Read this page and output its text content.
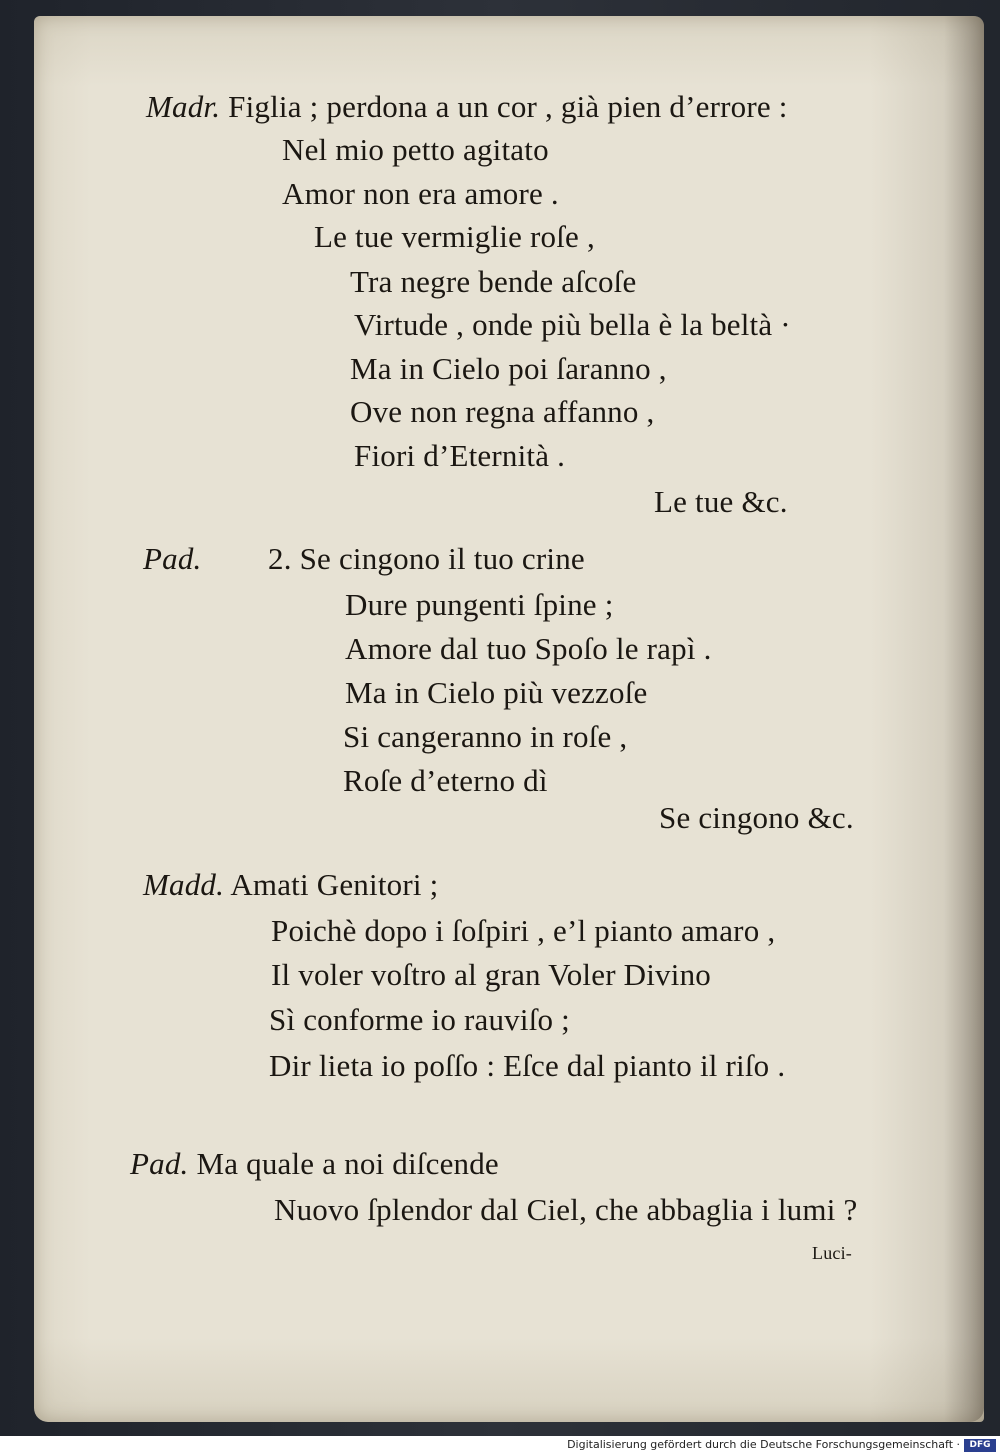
Madr. Figlia ; perdona a un cor , già pien d’errore :
Nel mio petto agitato
Amor non era amore .
Le tue vermiglie roſe ,
Tra negre bende aſcoſe
Virtude , onde più bella è la beltà ·
Ma in Cielo poi ſaranno ,
Ove non regna affanno ,
Fiori d’Eternità .
Le tue &c.
Pad. 2. Se cingono il tuo crine
Dure pungenti ſpine ;
Amore dal tuo Spoſo le rapì .
Ma in Cielo più vezzoſe
Si cangeranno in roſe ,
Roſe d’eterno dì
Se cingono &c.
Madd. Amati Genitori ;
Poichè dopo i ſoſpiri , e’l pianto amaro ,
Il voler voſtro al gran Voler Divino
Sì conforme io rauviſo ;
Dir lieta io poſſo : Eſce dal pianto il riſo .
Pad. Ma quale a noi diſcende
Nuovo ſplendor dal Ciel, che abbaglia i lumi ?
Luci-
Digitalisierung gefördert durch die Deutsche Forschungsgemeinschaft ·	DFG
